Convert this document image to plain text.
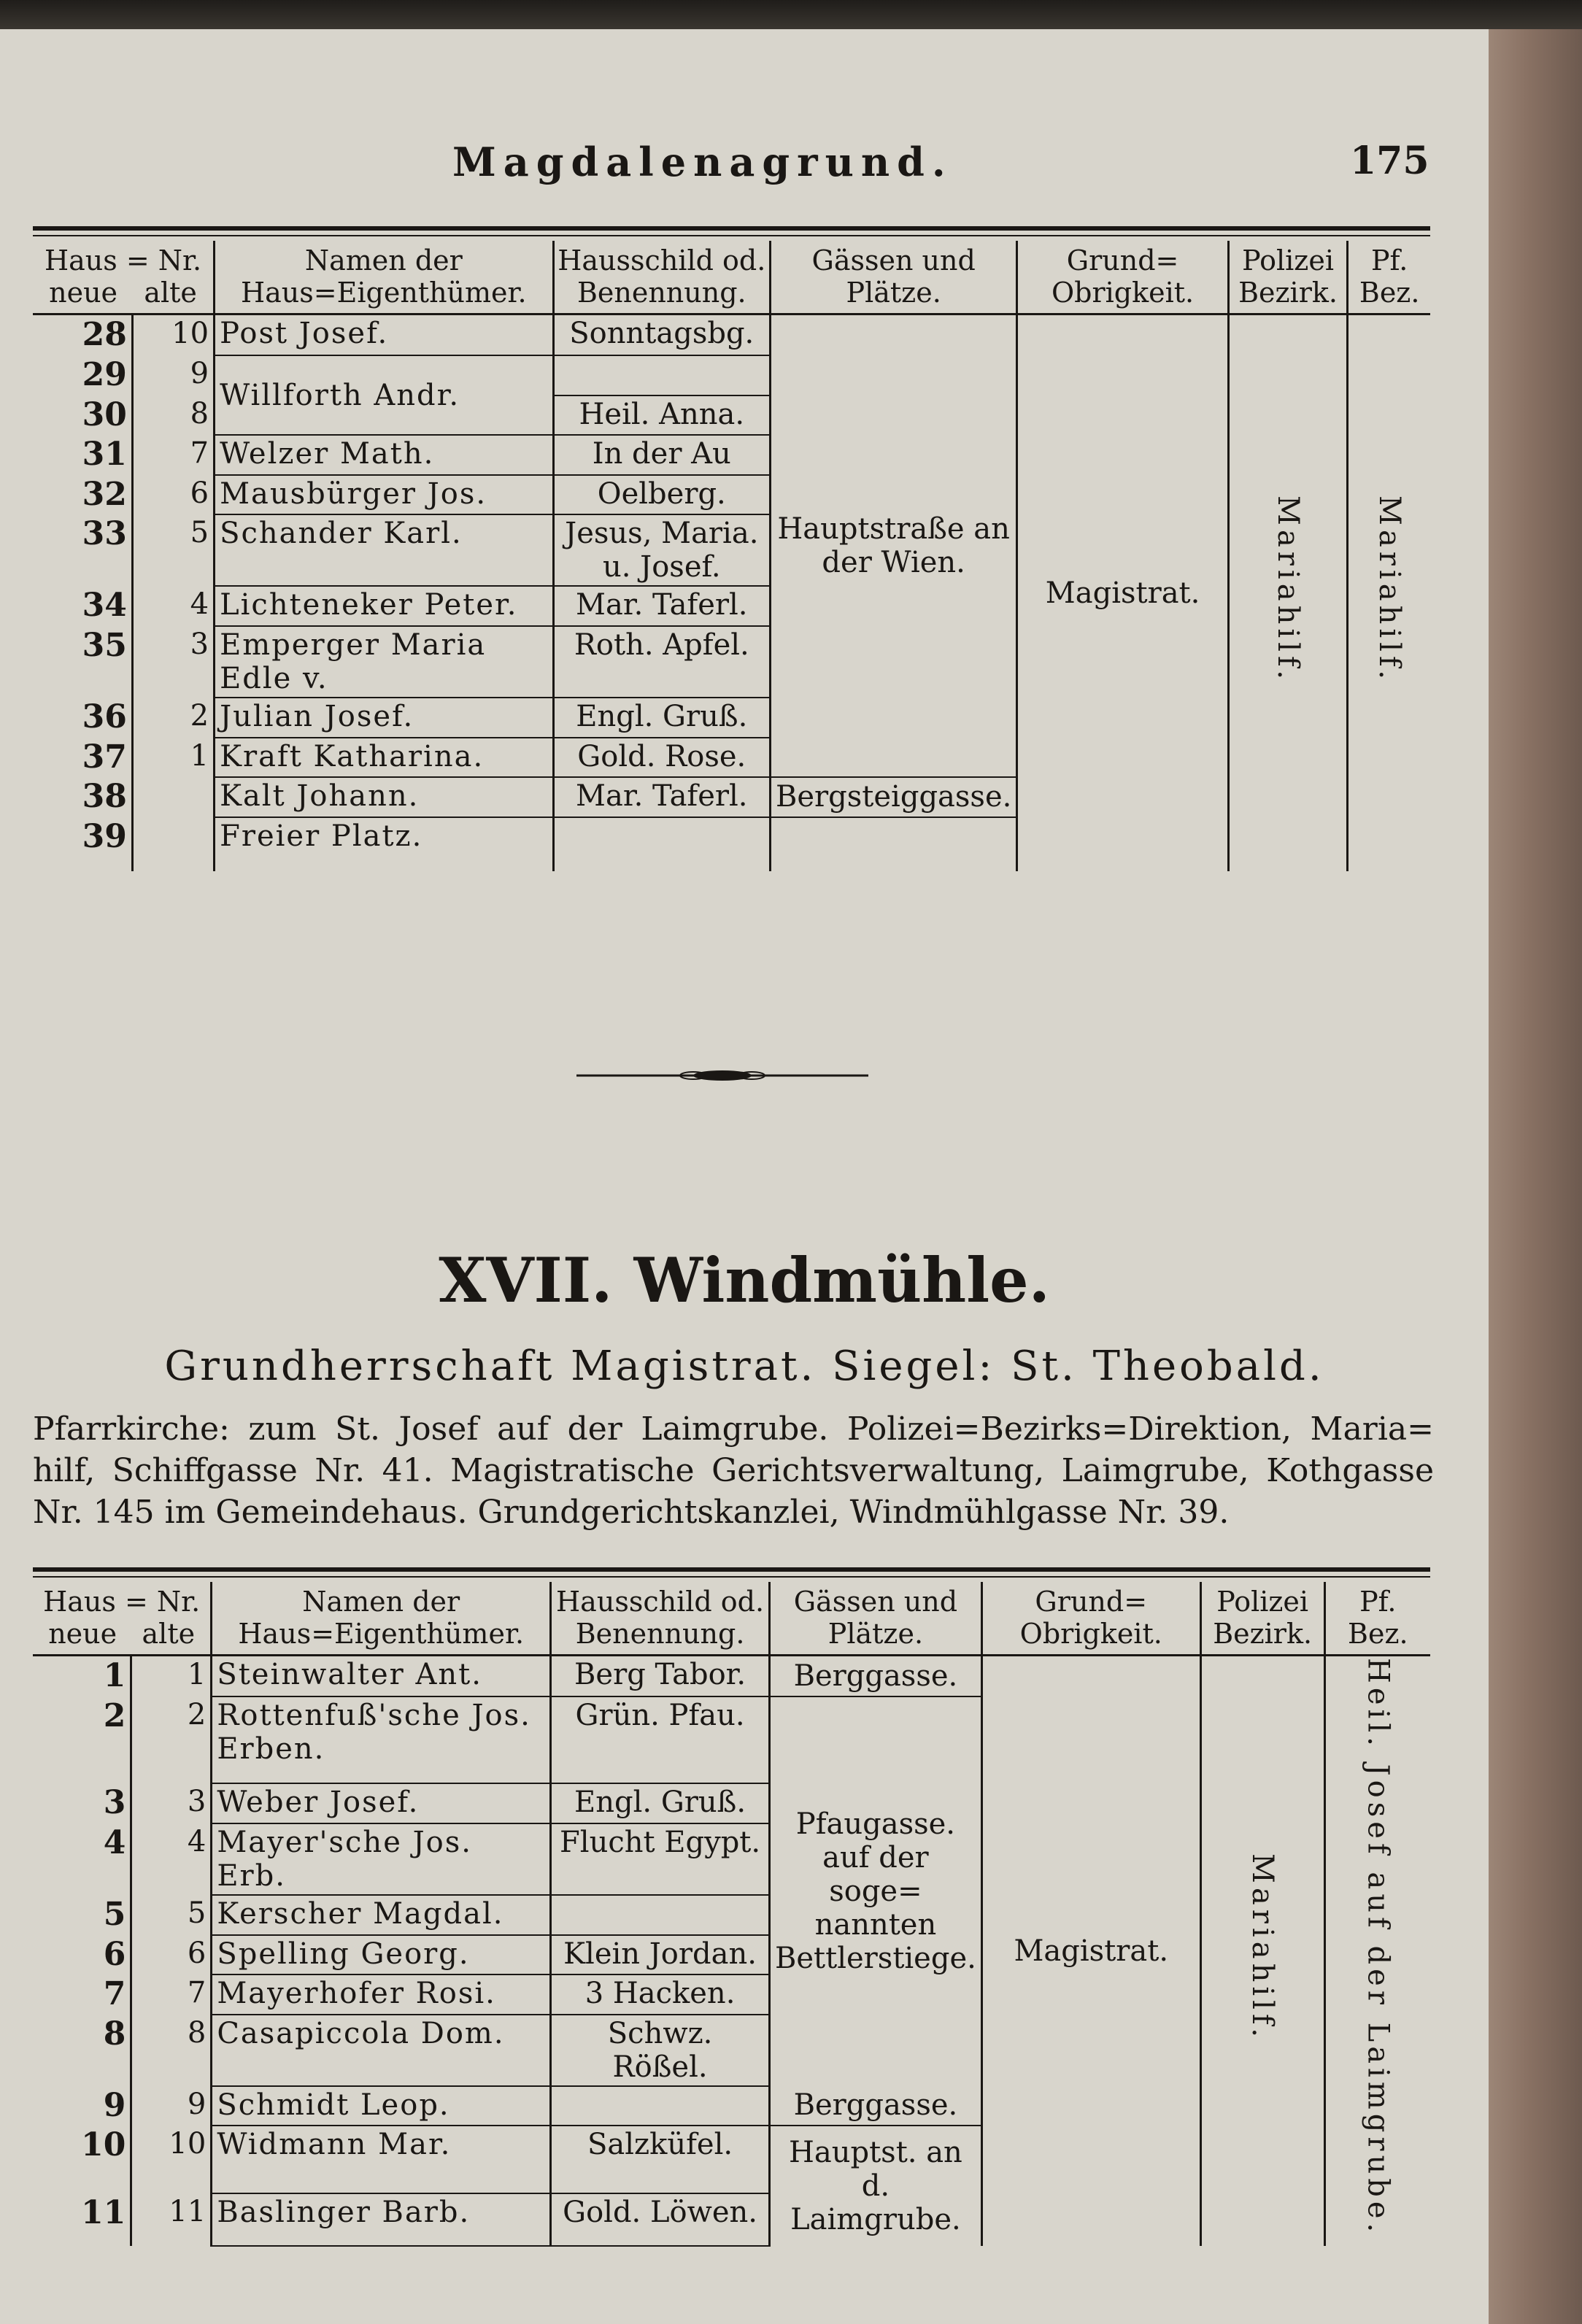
Magdalenagrund.	175
Haus = Nr.
neue alte		Namen der Haus=Eigenthümer.	Hausschild od. Benennung.	Gässen und Plätze.	Grund= Obrigkeit.	Polizei Bezirk.	Pf. Bez.
28	10	Post Josef.	Sonntagsbg.	Hauptstraße an der Wien.	Magistrat.	Mariahilf.	Mariahilf.
29	9	Willforth Andr.					
30	8		Heil. Anna.				
31	7	Welzer Math.	In der Au				
32	6	Mausbürger Jos.	Oelberg.				
33	5	Schander Karl.	Jesus, Maria. u. Josef.				
34	4	Lichteneker Peter.	Mar. Taferl.				
35	3	Emperger Maria Edle v.	Roth. Apfel.				
36	2	Julian Josef.	Engl. Gruß.				
37	1	Kraft Katharina.	Gold. Rose.				
38		Kalt Johann.	Mar. Taferl.	Bergsteiggasse.			
39		Freier Platz.					
XVII. Windmühle.
Grundherrschaft Magistrat. Siegel: St. Theobald.
Pfarrkirche: zum St. Josef auf der Laimgrube. Polizei=Bezirks=Direktion, Maria= hilf, Schiffgasse Nr. 41. Magistratische Gerichtsverwaltung, Laimgrube, Kothgasse Nr. 145 im Gemeindehaus. Grundgerichtskanzlei, Windmühlgasse Nr. 39.
Haus = Nr.
neue alte		Namen der Haus=Eigenthümer.	Hausschild od. Benennung.	Gässen und Plätze.	Grund= Obrigkeit.	Polizei Bezirk.	Pf. Bez.
1	1	Steinwalter Ant.	Berg Tabor.	Berggasse.	Magistrat.	Mariahilf.	Heil. Josef auf der Laimgrube.
2	2	Rottenfuß'sche Jos. Erben.	Grün. Pfau.	Pfaugasse. auf der soge= nannten Bettlerstiege.			
3	3	Weber Josef.	Engl. Gruß.				
4	4	Mayer'sche Jos. Erb.	Flucht Egypt.				
5	5	Kerscher Magdal.					
6	6	Spelling Georg.	Klein Jordan.				
7	7	Mayerhofer Rosi.	3 Hacken.				
8	8	Casapiccola Dom.	Schwz. Rößel.				
9	9	Schmidt Leop.		Berggasse.			
10	10	Widmann Mar.	Salzküfel.	Hauptst. an d. Laimgrube.			
11	11	Baslinger Barb.	Gold. Löwen.				
